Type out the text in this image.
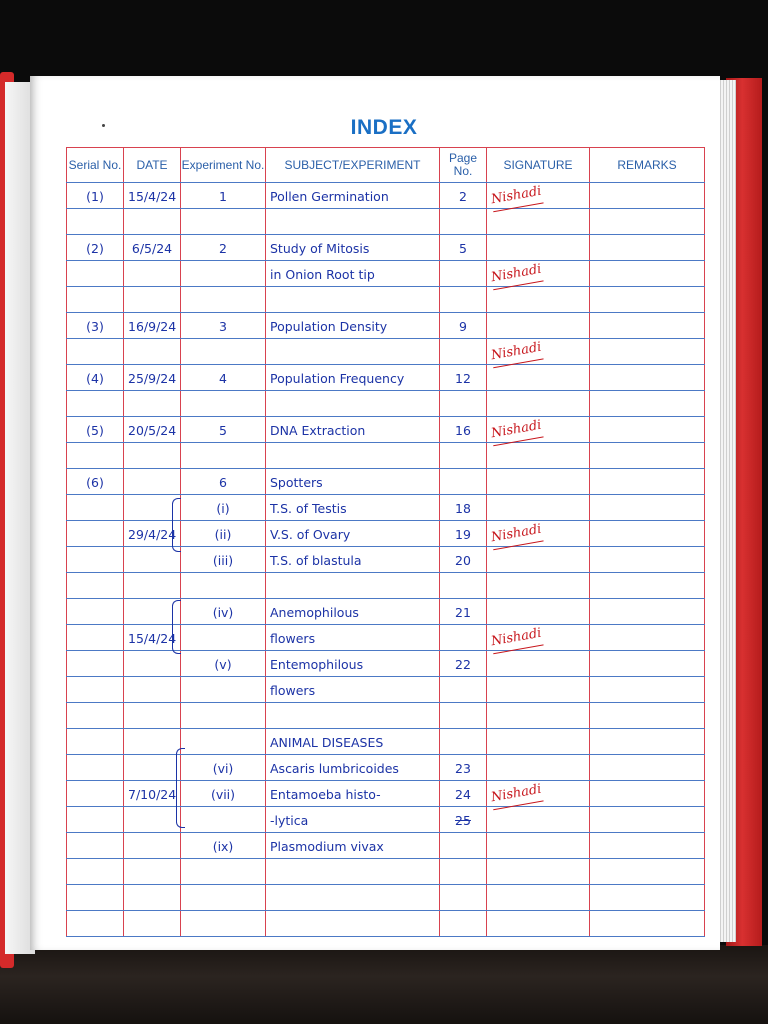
INDEX
Serial No.	DATE	Experiment No.	SUBJECT/EXPERIMENT	Page No.	SIGNATURE	REMARKS
(1)	15/4/24	1	Pollen Germination	2	Nishadi	

(2)	6/5/24	2	Study of Mitosis	5		
			in Onion Root tip		Nishadi	

(3)	16/9/24	3	Population Density	9		
					Nishadi	
(4)	25/9/24	4	Population Frequency	12		

(5)	20/5/24	5	DNA Extraction	16	Nishadi	

(6)		6	Spotters			
		(i)	T.S. of Testis	18		
	29/4/24	(ii)	V.S. of Ovary	19	Nishadi	
		(iii)	T.S. of blastula	20		

		(iv)	Anemophilous	21		
	15/4/24		flowers		Nishadi	
		(v)	Entemophilous	22		
			flowers			

			ANIMAL DISEASES			
		(vi)	Ascaris lumbricoides	23		
	7/10/24	(vii)	Entamoeba histo-	24	Nishadi	
			-lytica	25		
		(ix)	Plasmodium vivax			
